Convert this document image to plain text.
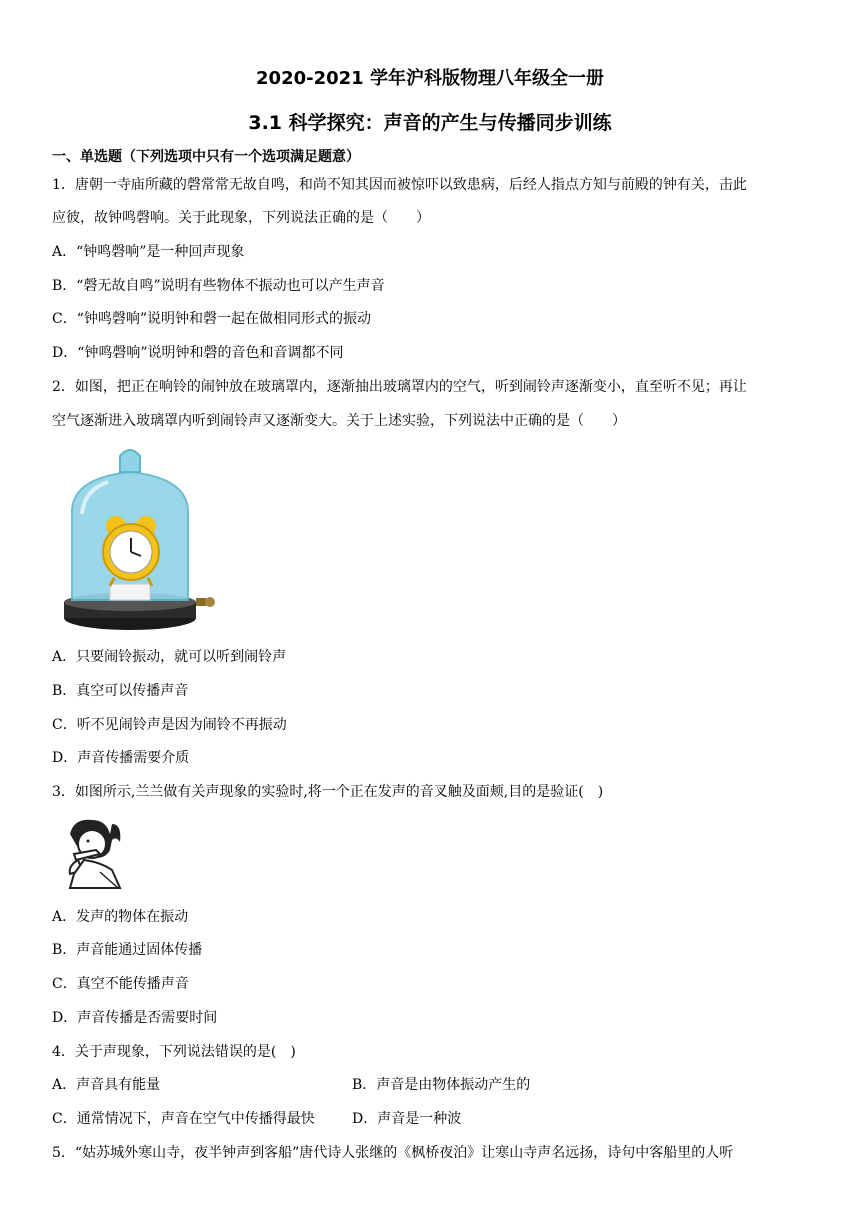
2020-2021 学年沪科版物理八年级全一册
3.1 科学探究：声音的产生与传播同步训练
一、单选题（下列选项中只有一个选项满足题意）
1．唐朝一寺庙所藏的磬常常无故自鸣，和尚不知其因而被惊吓以致患病，后经人指点方知与前殿的钟有关，击此
应彼，故钟鸣磬响。关于此现象，下列说法正确的是（　　）
A．“钟鸣磬响”是一种回声现象
B．“磬无故自鸣”说明有些物体不振动也可以产生声音
C．“钟鸣磬响”说明钟和磬一起在做相同形式的振动
D．“钟鸣磬响”说明钟和磬的音色和音调都不同
2．如图，把正在响铃的闹钟放在玻璃罩内，逐渐抽出玻璃罩内的空气，听到闹铃声逐渐变小，直至听不见；再让
空气逐渐进入玻璃罩内听到闹铃声又逐渐变大。关于上述实验，下列说法中正确的是（　　）
A．只要闹铃振动，就可以听到闹铃声
B．真空可以传播声音
C．听不见闹铃声是因为闹铃不再振动
D．声音传播需要介质
3．如图所示,兰兰做有关声现象的实验时,将一个正在发声的音叉触及面颊,目的是验证(　)
A．发声的物体在振动
B．声音能通过固体传播
C．真空不能传播声音
D．声音传播是否需要时间
4．关于声现象，下列说法错误的是(　)
A．声音具有能量	B．声音是由物体振动产生的
C．通常情况下，声音在空气中传播得最快	D．声音是一种波
5．“姑苏城外寒山寺，夜半钟声到客船”唐代诗人张继的《枫桥夜泊》让寒山寺声名远扬，诗句中客船里的人听
